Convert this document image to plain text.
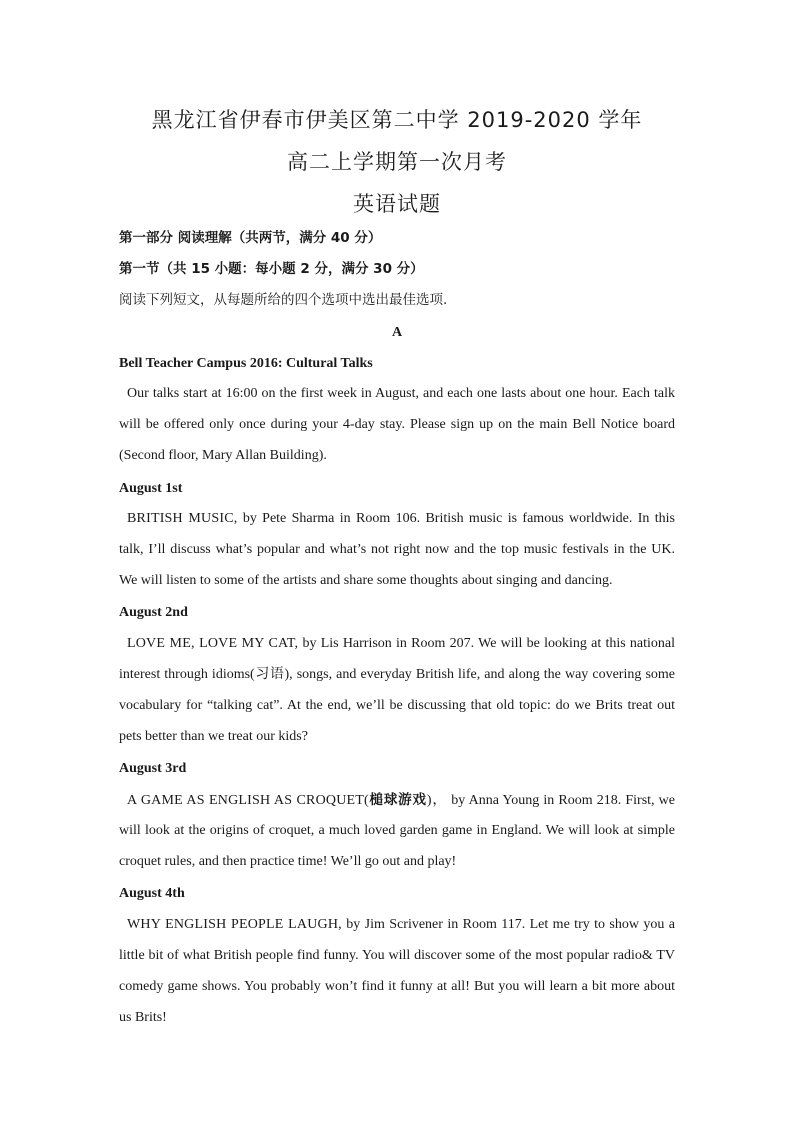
黑龙江省伊春市伊美区第二中学 2019-2020 学年
高二上学期第一次月考
英语试题
第一部分 阅读理解（共两节，满分 40 分）
第一节（共 15 小题：每小题 2 分，满分 30 分）
阅读下列短文，从每题所给的四个选项中选出最佳选项.
A
Bell Teacher Campus 2016: Cultural Talks
Our talks start at 16:00 on the first week in August, and each one lasts about one hour. Each talk
will be offered only once during your 4-day stay. Please sign up on the main Bell Notice board
(Second floor, Mary Allan Building).
August 1st
BRITISH MUSIC, by Pete Sharma in Room 106. British music is famous worldwide. In this
talk, I’ll discuss what’s popular and what’s not right now and the top music festivals in the UK.
We will listen to some of the artists and share some thoughts about singing and dancing.
August 2nd
LOVE ME, LOVE MY CAT, by Lis Harrison in Room 207. We will be looking at this national
interest through idioms(习语), songs, and everyday British life, and along the way covering some
vocabulary for “talking cat”. At the end, we’ll be discussing that old topic: do we Brits treat out
pets better than we treat our kids?
August 3rd
A GAME AS ENGLISH AS CROQUET(槌球游戏)， by Anna Young in Room 218. First, we
will look at the origins of croquet, a much loved garden game in England. We will look at simple
croquet rules, and then practice time! We’ll go out and play!
August 4th
WHY ENGLISH PEOPLE LAUGH, by Jim Scrivener in Room 117. Let me try to show you a
little bit of what British people find funny. You will discover some of the most popular radio& TV
comedy game shows. You probably won’t find it funny at all! But you will learn a bit more about
us Brits!
